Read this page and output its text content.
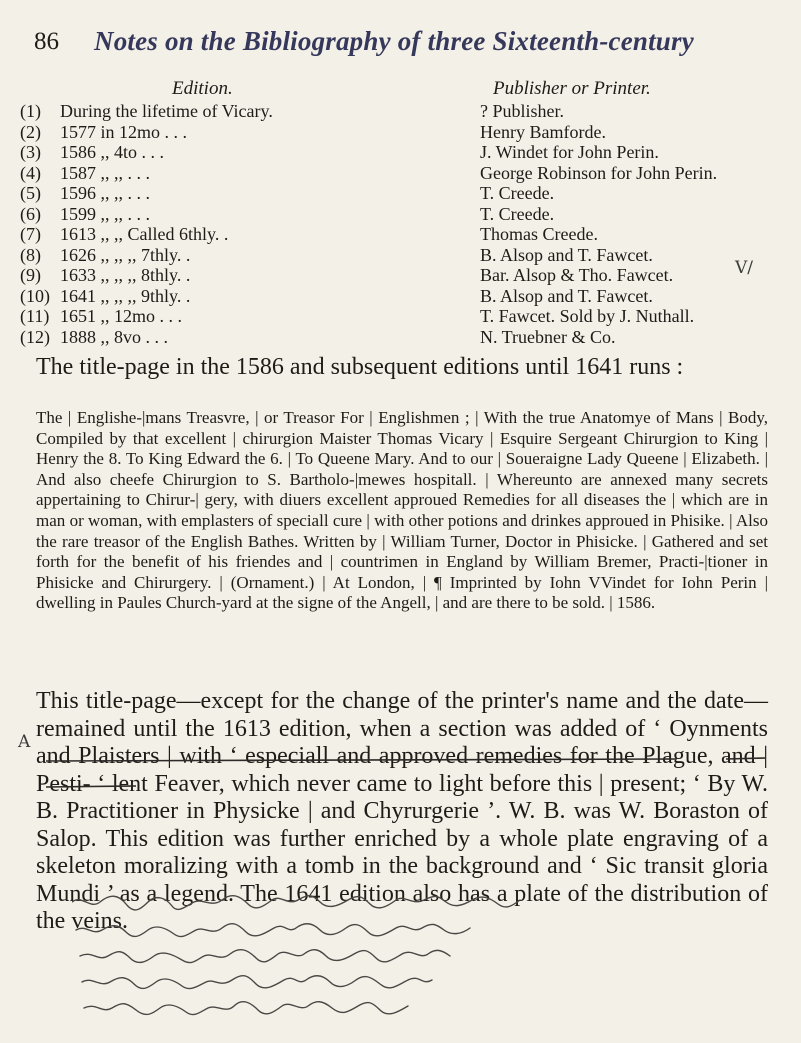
86 Notes on the Bibliography of three Sixteenth-century
Edition.	Publisher or Printer.
(1) During the lifetime of Vicary.	? Publisher.
(2) 1577 in 12mo . . .	Henry Bamforde.
(3) 1586 ,, 4to . . .	J. Windet for John Perin.
(4) 1587 ,, ,, . . .	George Robinson for John Perin.
(5) 1596 ,, ,, . . .	T. Creede.
(6) 1599 ,, ,, . . .	T. Creede.
(7) 1613 ,, ,, Called 6thly. .	Thomas Creede.
(8) 1626 ,, ,, ,, 7thly. .	B. Alsop and T. Fawcet.
(9) 1633 ,, ,, ,, 8thly. .	Bar. Alsop & Tho. Fawcet.
(10) 1641 ,, ,, ,, 9thly. .	B. Alsop and T. Fawcet.
(11) 1651 ,, 12mo . . .	T. Fawcet. Sold by J. Nuthall.
(12) 1888 ,, 8vo . . .	N. Truebner & Co.
V/
A
The title-page in the 1586 and subsequent editions until 1641 runs :
The | Englishe-|mans Treasvre, | or Treasor For | Englishmen ; | With the true Anatomye of Mans | Body, Compiled by that excellent | chirurgion Maister Thomas Vicary | Esquire Sergeant Chirurgion to King | Henry the 8. To King Edward the 6. | To Queene Mary. And to our | Soueraigne Lady Queene | Elizabeth. | And also cheefe Chirurgion to S. Bartholo-|mewes hospitall. | Whereunto are annexed many secrets appertaining to Chirur-| gery, with diuers excellent approued Remedies for all diseases the | which are in man or woman, with emplasters of speciall cure | with other potions and drinkes approued in Phisike. | Also the rare treasor of the English Bathes. Written by | William Turner, Doctor in Phisicke. | Gathered and set forth for the benefit of his friendes and | countrimen in England by William Bremer, Practi-|tioner in Phisicke and Chirurgery. | (Ornament.) | At London, | ¶ Imprinted by Iohn VVindet for Iohn Perin | dwelling in Paules Church-yard at the signe of the Angell, | and are there to be sold. | 1586.
This title-page—except for the change of the printer's name and the date—remained until the 1613 edition, when a section was added of ‘ Oynments and Plaisters | with ‘ especiall and approved remedies for the Plague, and | Pesti- ‘ lent Feaver, which never came to light before this | present; ‘ By W. B. Practitioner in Physicke | and Chyrurgerie ’. W. B. was W. Boraston of Salop. This edition was further enriched by a whole plate engraving of a skeleton moralizing with a tomb in the background and ‘ Sic transit gloria Mundi ’ as a legend. The 1641 edition also has a plate of the distribution of the veins.
